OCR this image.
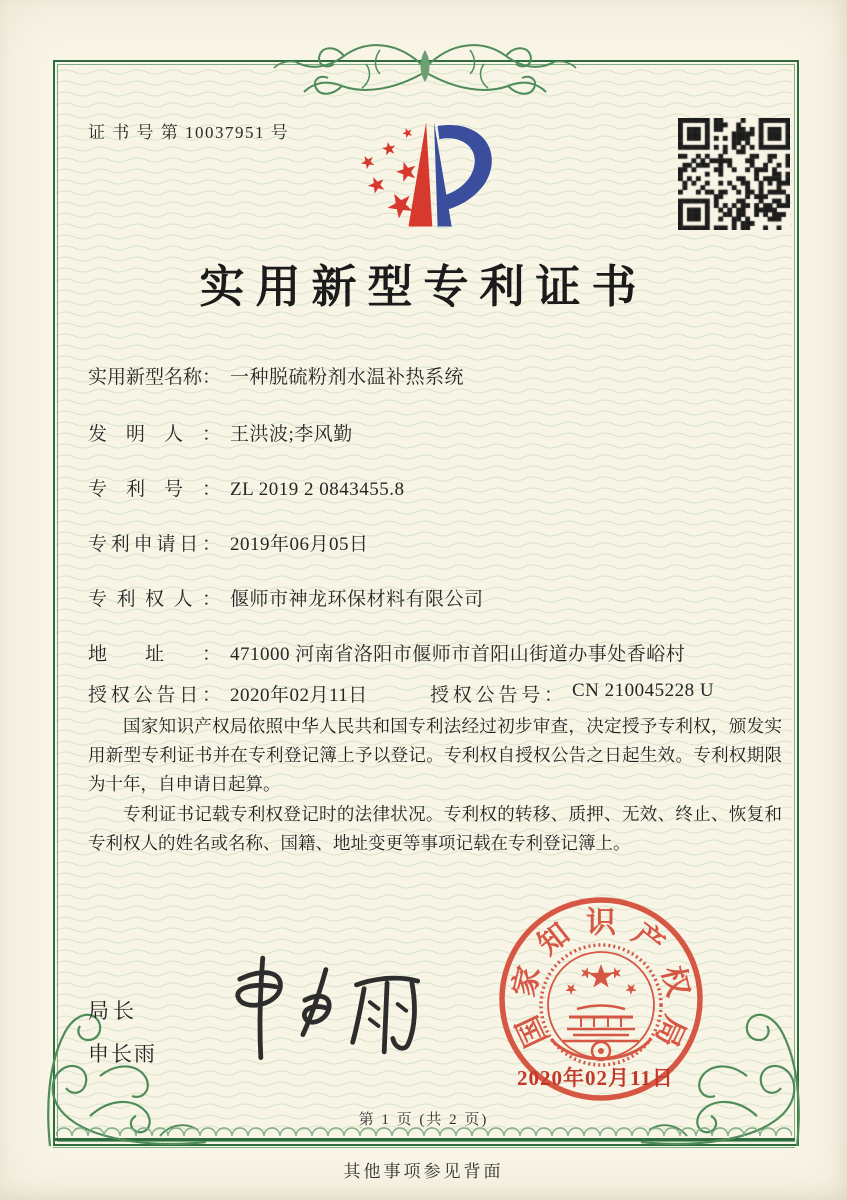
证 书 号 第 10037951 号
实用新型专利证书
实用新型名称： 一种脱硫粉剂水温补热系统
发明人： 王洪波;李风勤
专利号： ZL 2019 2 0843455.8
专利申请日： 2019年06月05日
专利权人： 偃师市神龙环保材料有限公司
地址： 471000 河南省洛阳市偃师市首阳山街道办事处香峪村
授权公告日： 2020年02月11日	授权公告号： CN 210045228 U

国家知识产权局依照中华人民共和国专利法经过初步审查，决定授予专利权，颁发实用新型专利证书并在专利登记簿上予以登记。专利权自授权公告之日起生效。专利权期限为十年，自申请日起算。

专利证书记载专利权登记时的法律状况。专利权的转移、质押、无效、终止、恢复和专利权人的姓名或名称、国籍、地址变更等事项记载在专利登记簿上。

局长
申长雨
国
家
知 识 产
权
局
2020年02月11日
第 1 页 (共 2 页)
其他事项参见背面
